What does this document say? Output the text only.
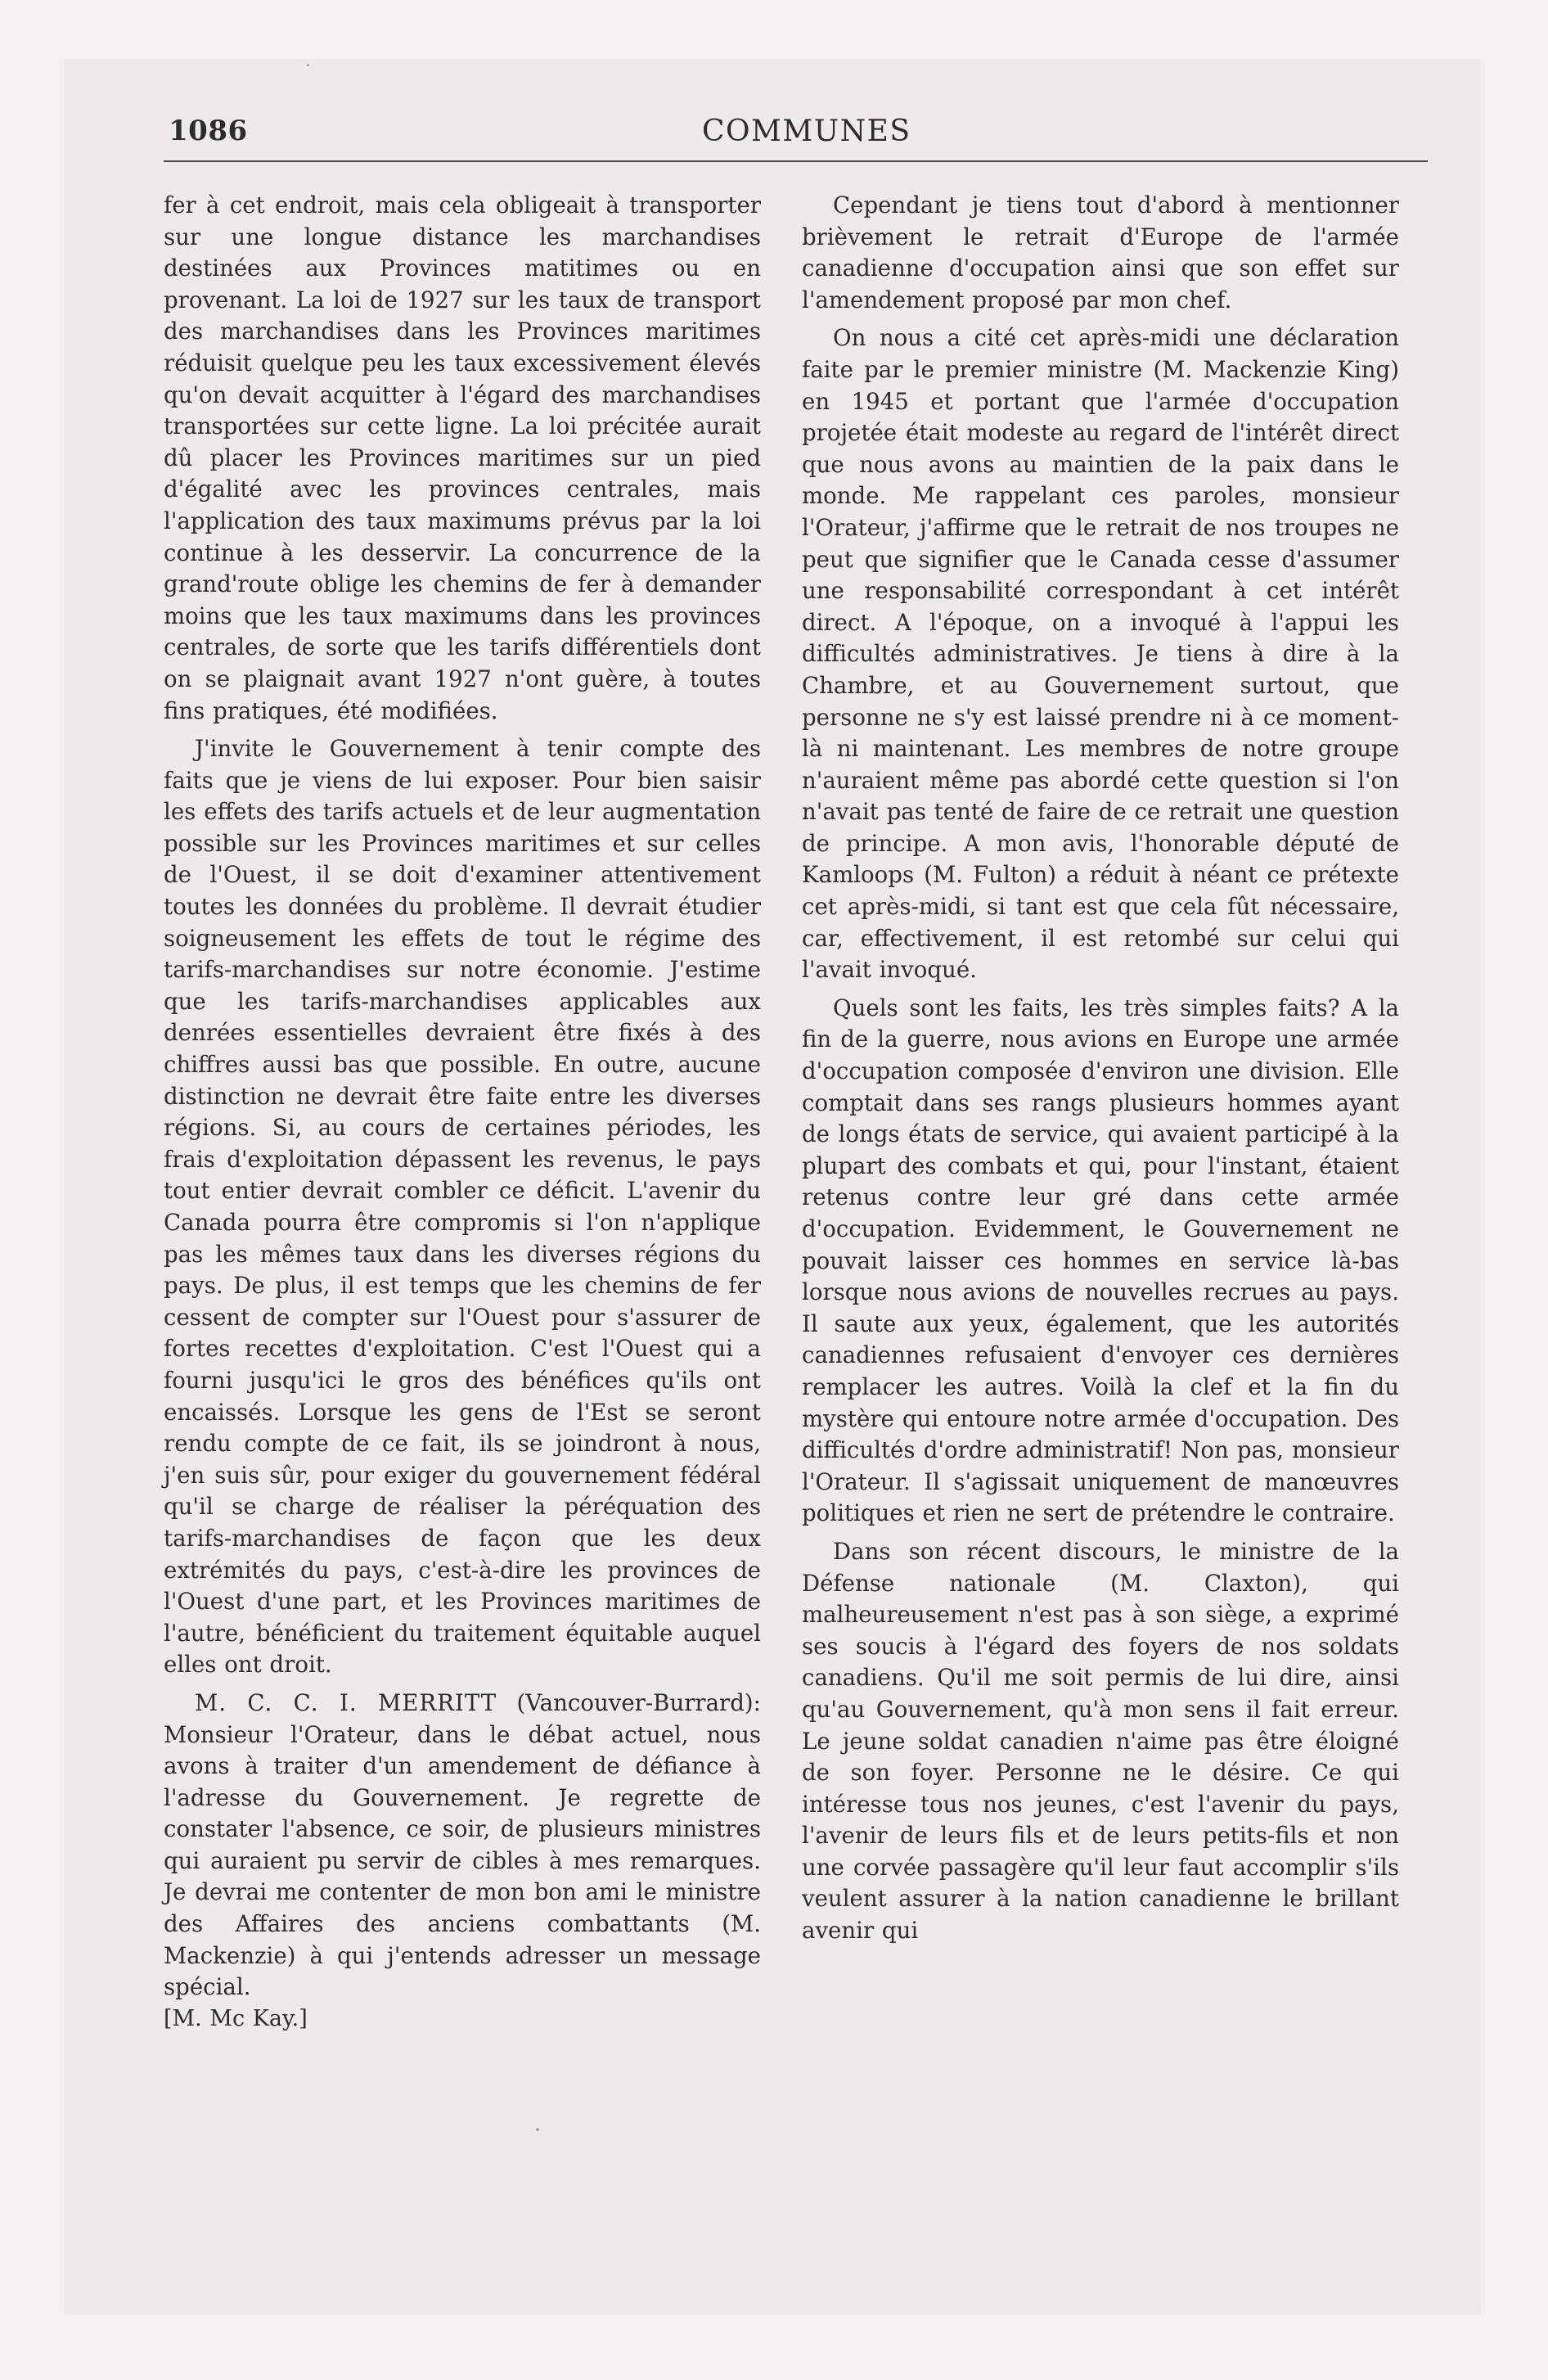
1086	COMMUNES

fer à cet endroit, mais cela obligeait à transporter sur une longue distance les marchandises destinées aux Provinces matitimes ou en provenant. La loi de 1927 sur les taux de transport des marchandises dans les Provinces maritimes réduisit quelque peu les taux excessivement élevés qu'on devait acquitter à l'égard des marchandises transportées sur cette ligne. La loi précitée aurait dû placer les Provinces maritimes sur un pied d'égalité avec les provinces centrales, mais l'application des taux maximums prévus par la loi continue à les desservir. La concurrence de la grand'route oblige les chemins de fer à demander moins que les taux maximums dans les provinces centrales, de sorte que les tarifs différentiels dont on se plaignait avant 1927 n'ont guère, à toutes fins pratiques, été modifiées.

J'invite le Gouvernement à tenir compte des faits que je viens de lui exposer. Pour bien saisir les effets des tarifs actuels et de leur augmentation possible sur les Provinces maritimes et sur celles de l'Ouest, il se doit d'examiner attentivement toutes les données du problème. Il devrait étudier soigneusement les effets de tout le régime des tarifs-marchandises sur notre économie. J'estime que les tarifs-marchandises applicables aux denrées essentielles devraient être fixés à des chiffres aussi bas que possible. En outre, aucune distinction ne devrait être faite entre les diverses régions. Si, au cours de certaines périodes, les frais d'exploitation dépassent les revenus, le pays tout entier devrait combler ce déficit. L'avenir du Canada pourra être compromis si l'on n'applique pas les mêmes taux dans les diverses régions du pays. De plus, il est temps que les chemins de fer cessent de compter sur l'Ouest pour s'assurer de fortes recettes d'exploitation. C'est l'Ouest qui a fourni jusqu'ici le gros des bénéfices qu'ils ont encaissés. Lorsque les gens de l'Est se seront rendu compte de ce fait, ils se joindront à nous, j'en suis sûr, pour exiger du gouvernement fédéral qu'il se charge de réaliser la péréquation des tarifs-marchandises de façon que les deux extrémités du pays, c'est-à-dire les provinces de l'Ouest d'une part, et les Provinces maritimes de l'autre, bénéficient du traitement équitable auquel elles ont droit.

M. C. C. I. MERRITT (Vancouver-Burrard): Monsieur l'Orateur, dans le débat actuel, nous avons à traiter d'un amendement de défiance à l'adresse du Gouvernement. Je regrette de constater l'absence, ce soir, de plusieurs ministres qui auraient pu servir de cibles à mes remarques. Je devrai me contenter de mon bon ami le ministre des Affaires des anciens combattants (M. Mackenzie) à qui j'entends adresser un message spécial.

[M. Mc Kay.]

Cependant je tiens tout d'abord à mentionner brièvement le retrait d'Europe de l'armée canadienne d'occupation ainsi que son effet sur l'amendement proposé par mon chef.

On nous a cité cet après-midi une déclaration faite par le premier ministre (M. Mackenzie King) en 1945 et portant que l'armée d'occupation projetée était modeste au regard de l'intérêt direct que nous avons au maintien de la paix dans le monde. Me rappelant ces paroles, monsieur l'Orateur, j'affirme que le retrait de nos troupes ne peut que signifier que le Canada cesse d'assumer une responsabilité correspondant à cet intérêt direct. A l'époque, on a invoqué à l'appui les difficultés administratives. Je tiens à dire à la Chambre, et au Gouvernement surtout, que personne ne s'y est laissé prendre ni à ce moment-là ni maintenant. Les membres de notre groupe n'auraient même pas abordé cette question si l'on n'avait pas tenté de faire de ce retrait une question de principe. A mon avis, l'honorable député de Kamloops (M. Fulton) a réduit à néant ce prétexte cet après-midi, si tant est que cela fût nécessaire, car, effectivement, il est retombé sur celui qui l'avait invoqué.

Quels sont les faits, les très simples faits? A la fin de la guerre, nous avions en Europe une armée d'occupation composée d'environ une division. Elle comptait dans ses rangs plusieurs hommes ayant de longs états de service, qui avaient participé à la plupart des combats et qui, pour l'instant, étaient retenus contre leur gré dans cette armée d'occupation. Evidemment, le Gouvernement ne pouvait laisser ces hommes en service là-bas lorsque nous avions de nouvelles recrues au pays. Il saute aux yeux, également, que les autorités canadiennes refusaient d'envoyer ces dernières remplacer les autres. Voilà la clef et la fin du mystère qui entoure notre armée d'occupation. Des difficultés d'ordre administratif! Non pas, monsieur l'Orateur. Il s'agissait uniquement de manœuvres politiques et rien ne sert de prétendre le contraire.

Dans son récent discours, le ministre de la Défense nationale (M. Claxton), qui malheureusement n'est pas à son siège, a exprimé ses soucis à l'égard des foyers de nos soldats canadiens. Qu'il me soit permis de lui dire, ainsi qu'au Gouvernement, qu'à mon sens il fait erreur. Le jeune soldat canadien n'aime pas être éloigné de son foyer. Personne ne le désire. Ce qui intéresse tous nos jeunes, c'est l'avenir du pays, l'avenir de leurs fils et de leurs petits-fils et non une corvée passagère qu'il leur faut accomplir s'ils veulent assurer à la nation canadienne le brillant avenir qui
